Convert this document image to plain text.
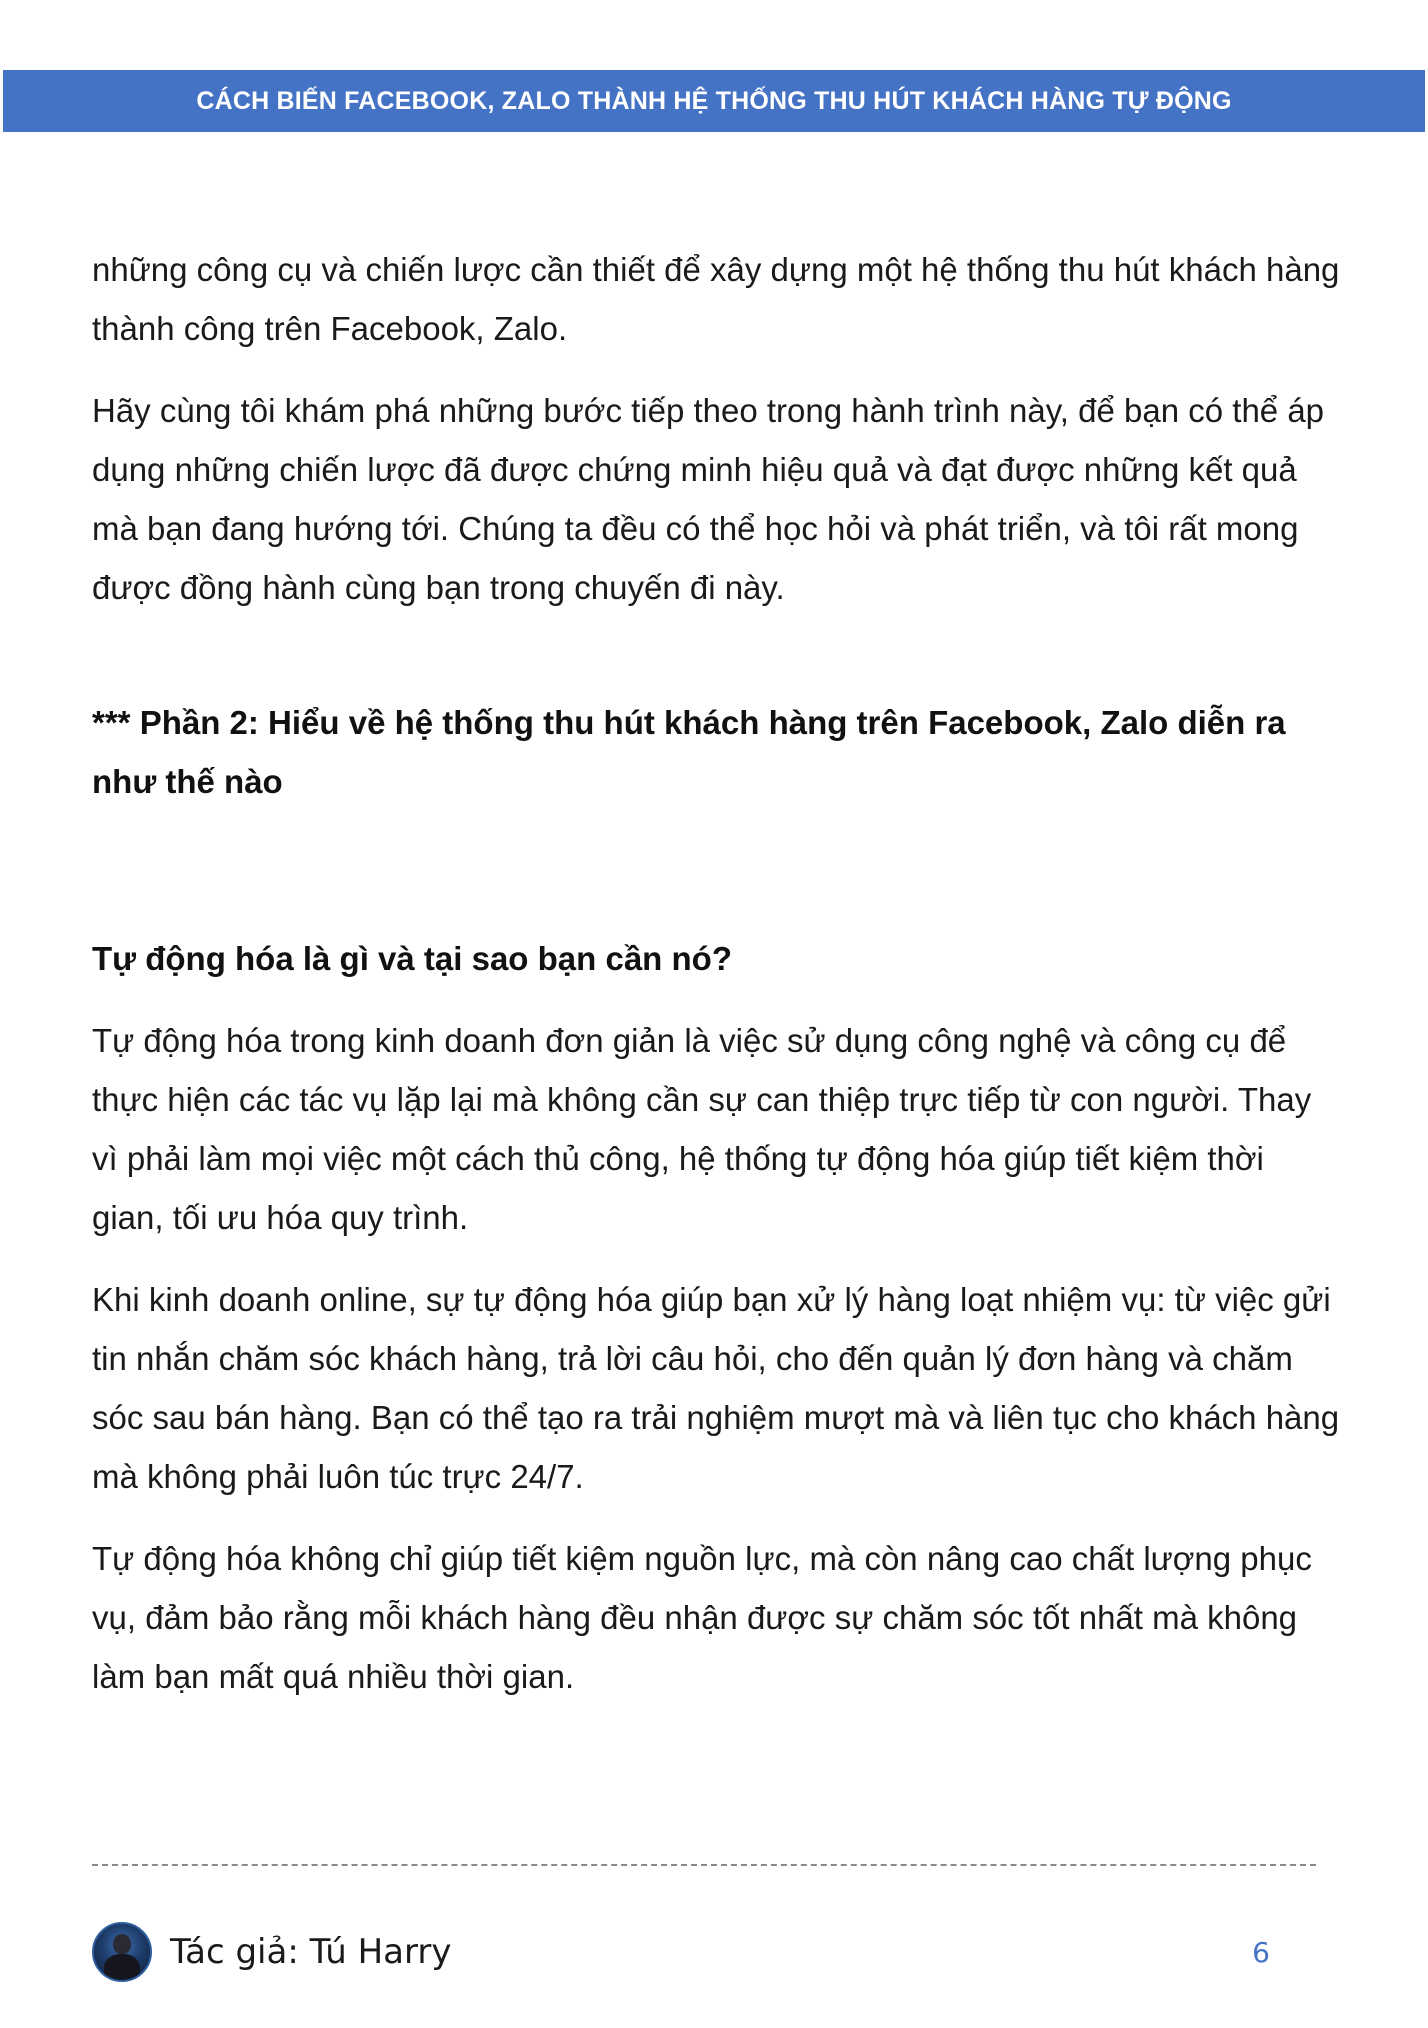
CÁCH BIẾN FACEBOOK, ZALO THÀNH HỆ THỐNG THU HÚT KHÁCH HÀNG TỰ ĐỘNG

những công cụ và chiến lược cần thiết để xây dựng một hệ thống thu hút khách hàng thành công trên Facebook, Zalo.

Hãy cùng tôi khám phá những bước tiếp theo trong hành trình này, để bạn có thể áp dụng những chiến lược đã được chứng minh hiệu quả và đạt được những kết quả mà bạn đang hướng tới. Chúng ta đều có thể học hỏi và phát triển, và tôi rất mong được đồng hành cùng bạn trong chuyến đi này.

*** Phần 2: Hiểu về hệ thống thu hút khách hàng trên Facebook, Zalo diễn ra như thế nào
Tự động hóa là gì và tại sao bạn cần nó?

Tự động hóa trong kinh doanh đơn giản là việc sử dụng công nghệ và công cụ để thực hiện các tác vụ lặp lại mà không cần sự can thiệp trực tiếp từ con người. Thay vì phải làm mọi việc một cách thủ công, hệ thống tự động hóa giúp tiết kiệm thời gian, tối ưu hóa quy trình.

Khi kinh doanh online, sự tự động hóa giúp bạn xử lý hàng loạt nhiệm vụ: từ việc gửi tin nhắn chăm sóc khách hàng, trả lời câu hỏi, cho đến quản lý đơn hàng và chăm sóc sau bán hàng. Bạn có thể tạo ra trải nghiệm mượt mà và liên tục cho khách hàng mà không phải luôn túc trực 24/7.

Tự động hóa không chỉ giúp tiết kiệm nguồn lực, mà còn nâng cao chất lượng phục vụ, đảm bảo rằng mỗi khách hàng đều nhận được sự chăm sóc tốt nhất mà không làm bạn mất quá nhiều thời gian.

Tác giả: Tú Harry	6
